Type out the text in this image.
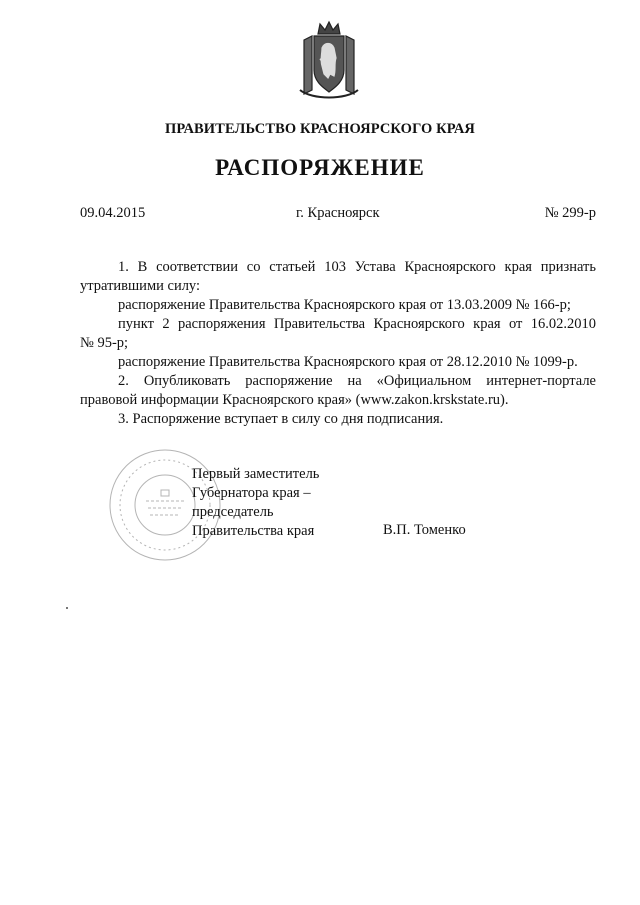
ПРАВИТЕЛЬСТВО КРАСНОЯРСКОГО КРАЯ
РАСПОРЯЖЕНИЕ
09.04.2015	г. Красноярск	№ 299-р

1. В соответствии со статьей 103 Устава Красноярского края признать

утратившими силу:

распоряжение Правительства Красноярского края от 13.03.2009 № 166-р;

пункт 2 распоряжения Правительства Красноярского края от 16.02.2010

№ 95-р;

распоряжение Правительства Красноярского края от 28.12.2010 № 1099-р.

2. Опубликовать распоряжение на «Официальном интернет-портале

правовой информации Красноярского края» (www.zakon.krskstate.ru).

3. Распоряжение вступает в силу со дня подписания.

Первый заместитель
Губернатора края –
председатель
Правительства края	В.П. Томенко
